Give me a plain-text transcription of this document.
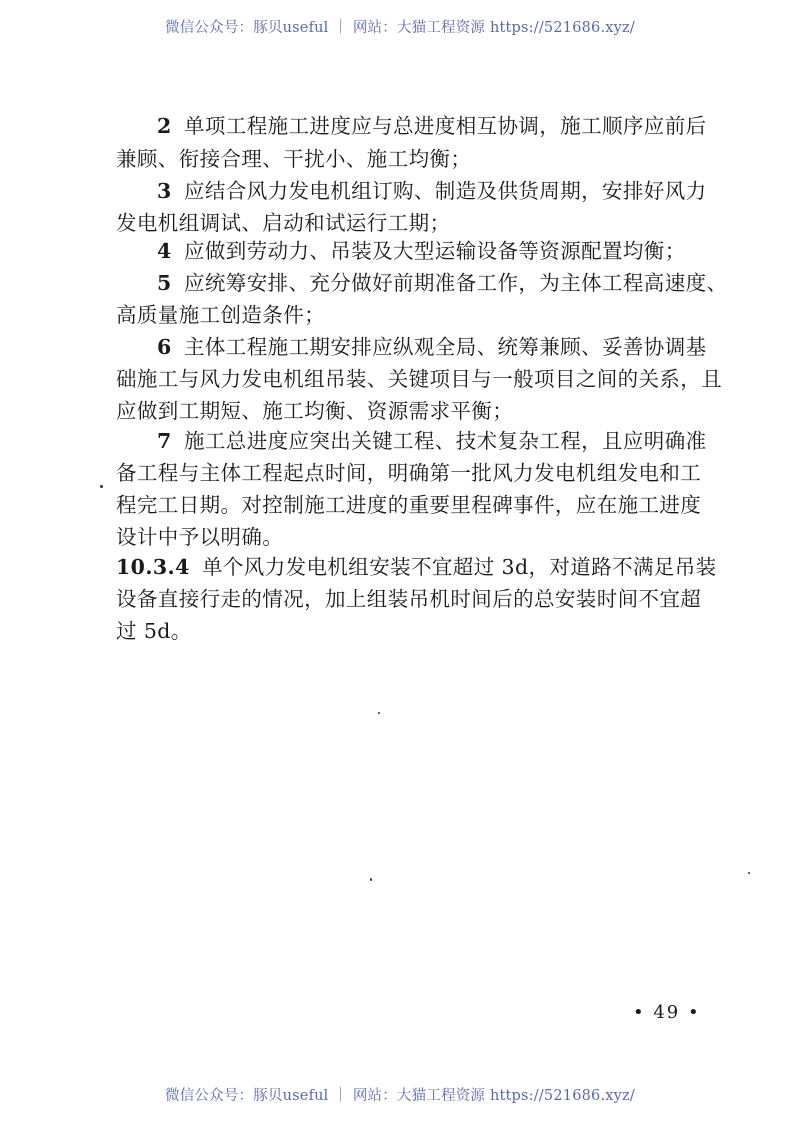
微信公众号：豚贝useful ｜ 网站：大猫工程资源 https://521686.xyz/
2 单项工程施工进度应与总进度相互协调，施工顺序应前后
兼顾、衔接合理、干扰小、施工均衡；
3 应结合风力发电机组订购、制造及供货周期，安排好风力
发电机组调试、启动和试运行工期；
4 应做到劳动力、吊装及大型运输设备等资源配置均衡；
5 应统筹安排、充分做好前期准备工作，为主体工程高速度、
高质量施工创造条件；
6 主体工程施工期安排应纵观全局、统筹兼顾、妥善协调基
础施工与风力发电机组吊装、关键项目与一般项目之间的关系，且
应做到工期短、施工均衡、资源需求平衡；
7 施工总进度应突出关键工程、技术复杂工程，且应明确准
备工程与主体工程起点时间，明确第一批风力发电机组发电和工
程完工日期。对控制施工进度的重要里程碑事件，应在施工进度
设计中予以明确。
10.3.4 单个风力发电机组安装不宜超过 3d，对道路不满足吊装
设备直接行走的情况，加上组装吊机时间后的总安装时间不宜超
过 5d。
• 49 •
微信公众号：豚贝useful ｜ 网站：大猫工程资源 https://521686.xyz/
